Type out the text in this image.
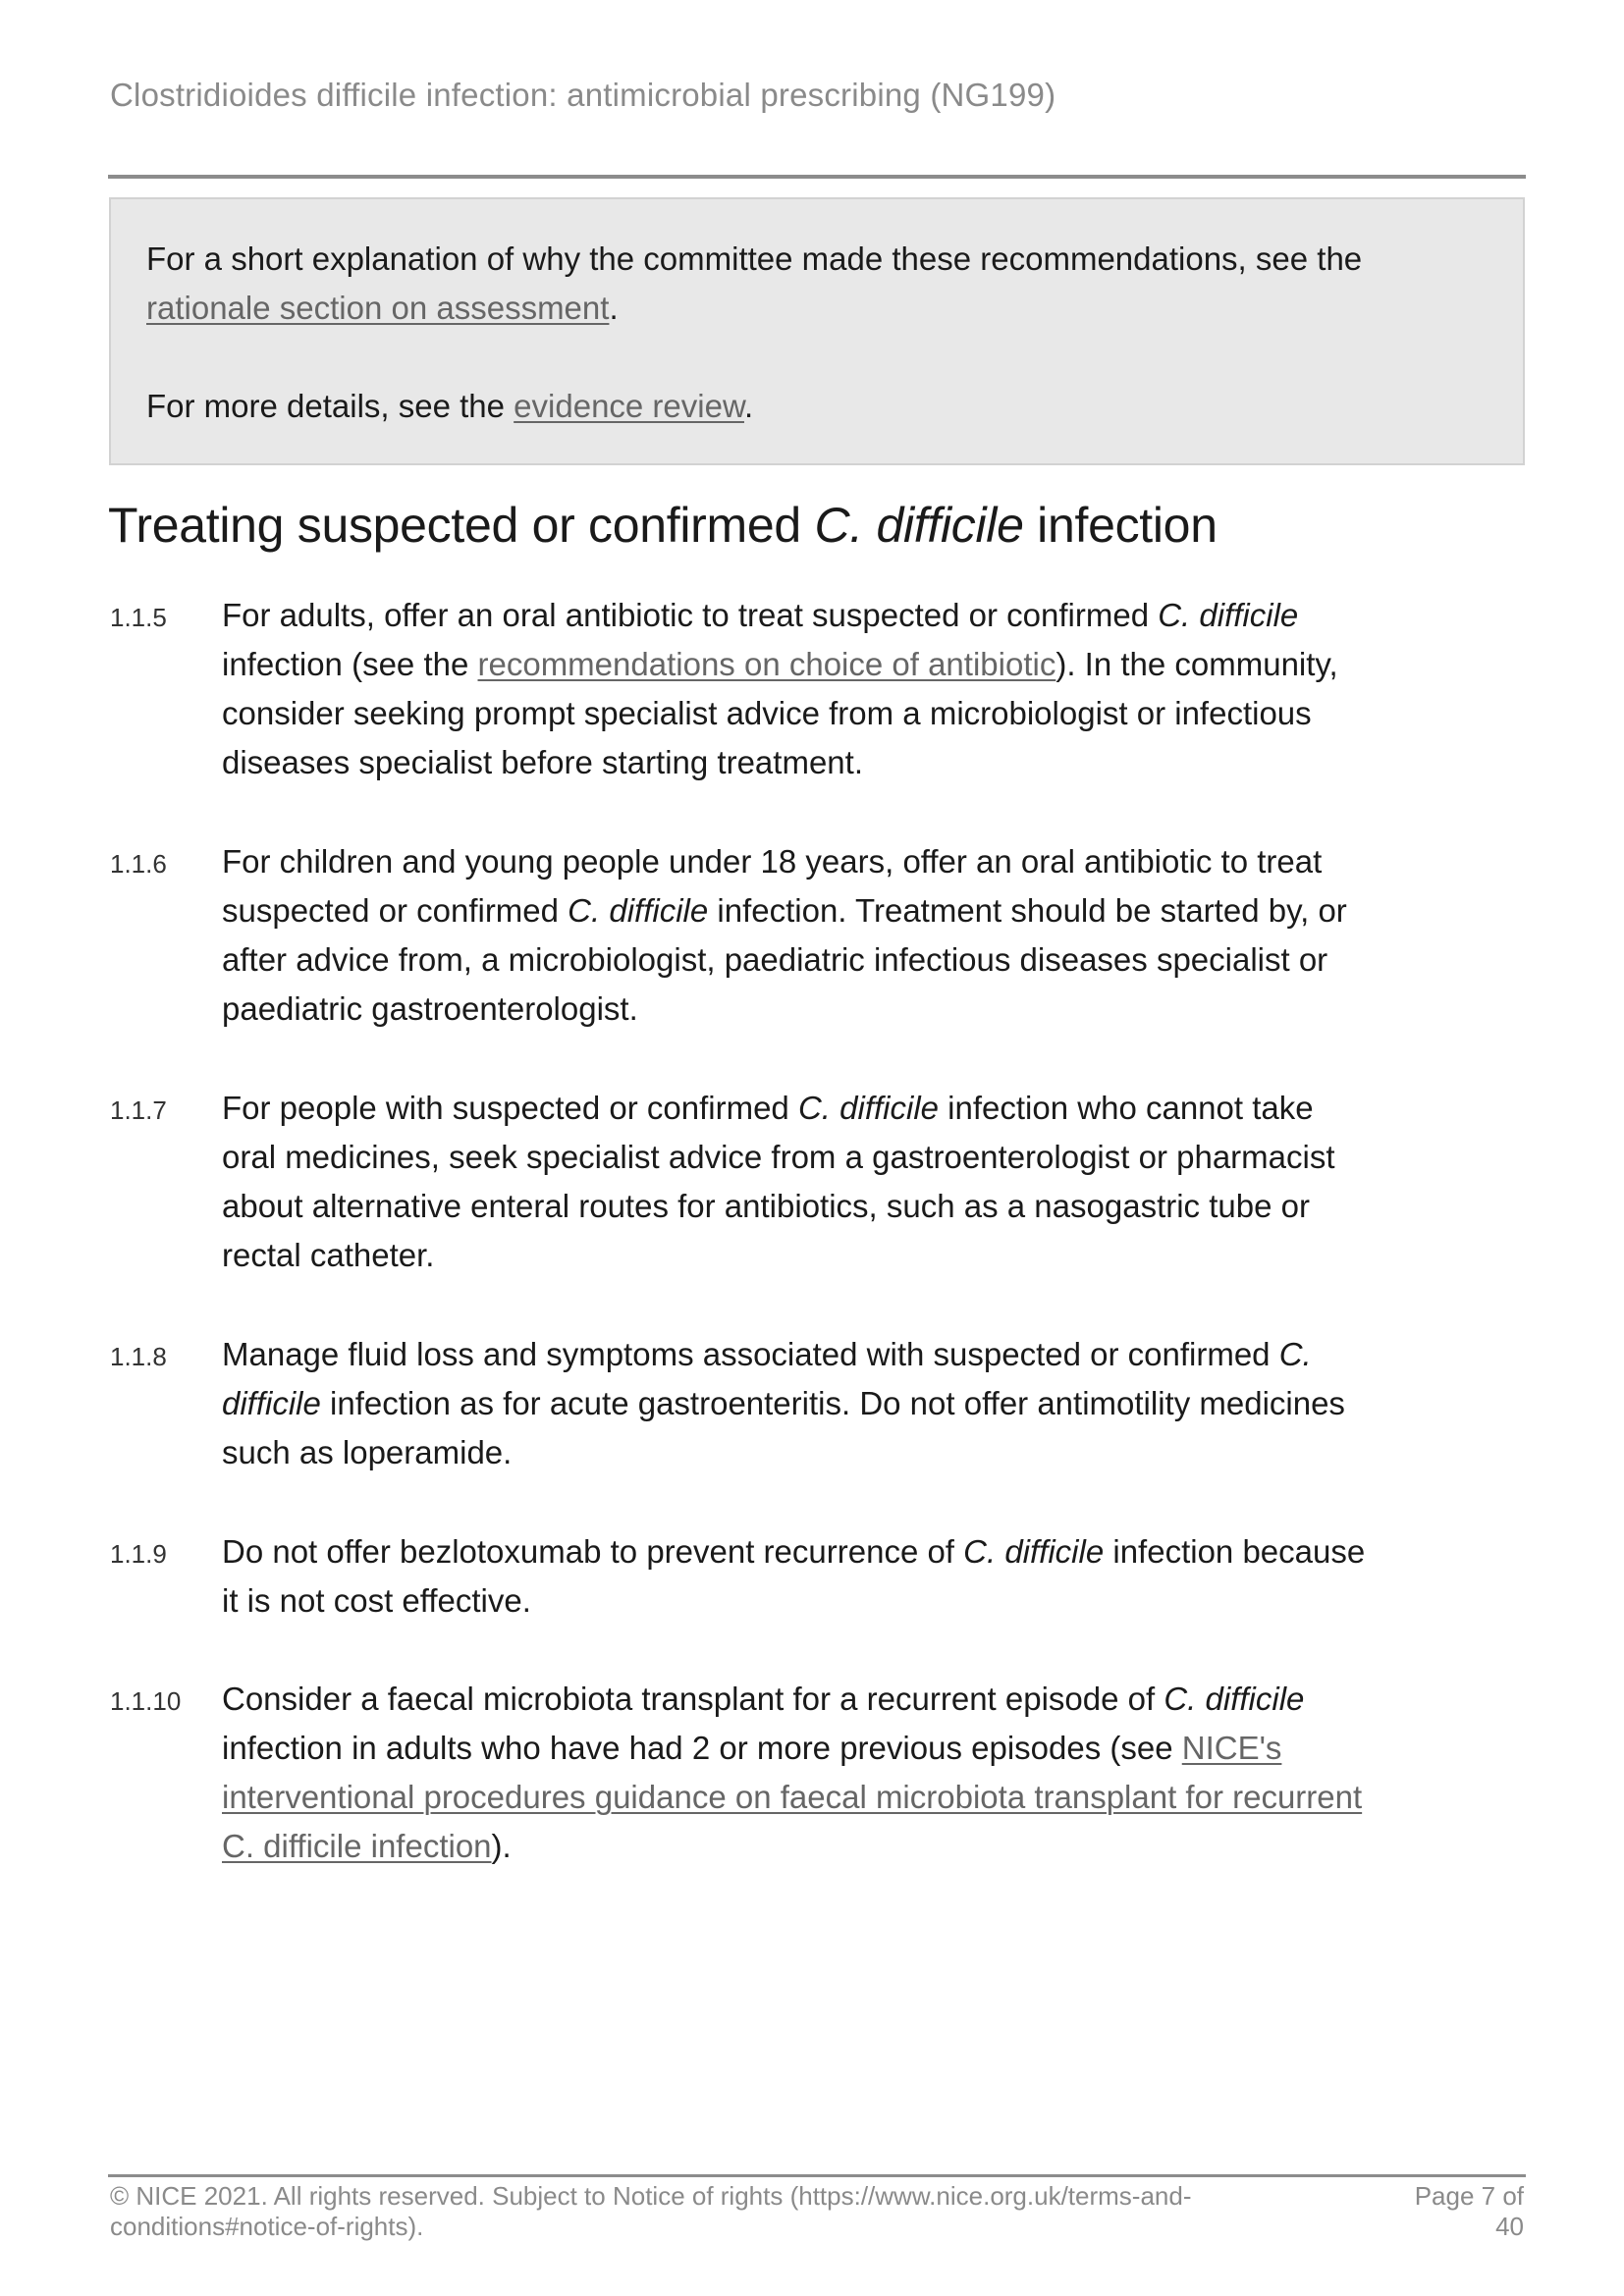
Clostridioides difficile infection: antimicrobial prescribing (NG199)

For a short explanation of why the committee made these recommendations, see the rationale section on assessment.

For more details, see the evidence review.

Treating suspected or confirmed C. difficile infection
1.1.5 For adults, offer an oral antibiotic to treat suspected or confirmed C. difficile infection (see the recommendations on choice of antibiotic). In the community, consider seeking prompt specialist advice from a microbiologist or infectious diseases specialist before starting treatment.
1.1.6 For children and young people under 18 years, offer an oral antibiotic to treat suspected or confirmed C. difficile infection. Treatment should be started by, or after advice from, a microbiologist, paediatric infectious diseases specialist or paediatric gastroenterologist.
1.1.7 For people with suspected or confirmed C. difficile infection who cannot take oral medicines, seek specialist advice from a gastroenterologist or pharmacist about alternative enteral routes for antibiotics, such as a nasogastric tube or rectal catheter.
1.1.8 Manage fluid loss and symptoms associated with suspected or confirmed C. difficile infection as for acute gastroenteritis. Do not offer antimotility medicines such as loperamide.
1.1.9 Do not offer bezlotoxumab to prevent recurrence of C. difficile infection because it is not cost effective.
1.1.10 Consider a faecal microbiota transplant for a recurrent episode of C. difficile infection in adults who have had 2 or more previous episodes (see NICE's interventional procedures guidance on faecal microbiota transplant for recurrent C. difficile infection).
© NICE 2021. All rights reserved. Subject to Notice of rights (https://www.nice.org.uk/terms-and-conditions#notice-of-rights).
Page 7 of
40
